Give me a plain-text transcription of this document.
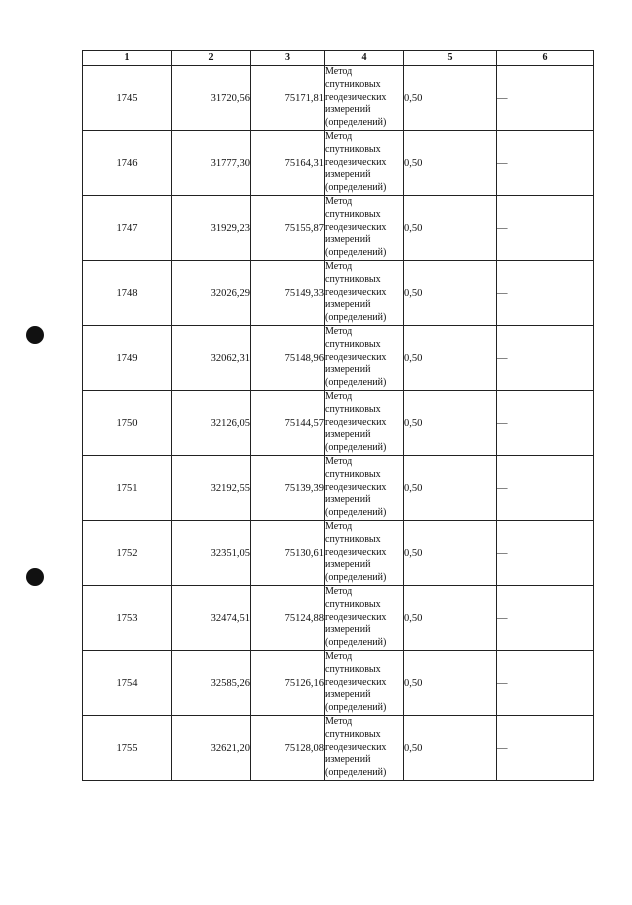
1	2	3	4	5	6
1745	31720,56	75171,81	Метод
спутниковых
геодезических
измерений
(определений)	0,50	—
1746	31777,30	75164,31	Метод
спутниковых
геодезических
измерений
(определений)	0,50	—
1747	31929,23	75155,87	Метод
спутниковых
геодезических
измерений
(определений)	0,50	—
1748	32026,29	75149,33	Метод
спутниковых
геодезических
измерений
(определений)	0,50	—
1749	32062,31	75148,96	Метод
спутниковых
геодезических
измерений
(определений)	0,50	—
1750	32126,05	75144,57	Метод
спутниковых
геодезических
измерений
(определений)	0,50	—
1751	32192,55	75139,39	Метод
спутниковых
геодезических
измерений
(определений)	0,50	—
1752	32351,05	75130,61	Метод
спутниковых
геодезических
измерений
(определений)	0,50	—
1753	32474,51	75124,88	Метод
спутниковых
геодезических
измерений
(определений)	0,50	—
1754	32585,26	75126,16	Метод
спутниковых
геодезических
измерений
(определений)	0,50	—
1755	32621,20	75128,08	Метод
спутниковых
геодезических
измерений
(определений)	0,50	—
